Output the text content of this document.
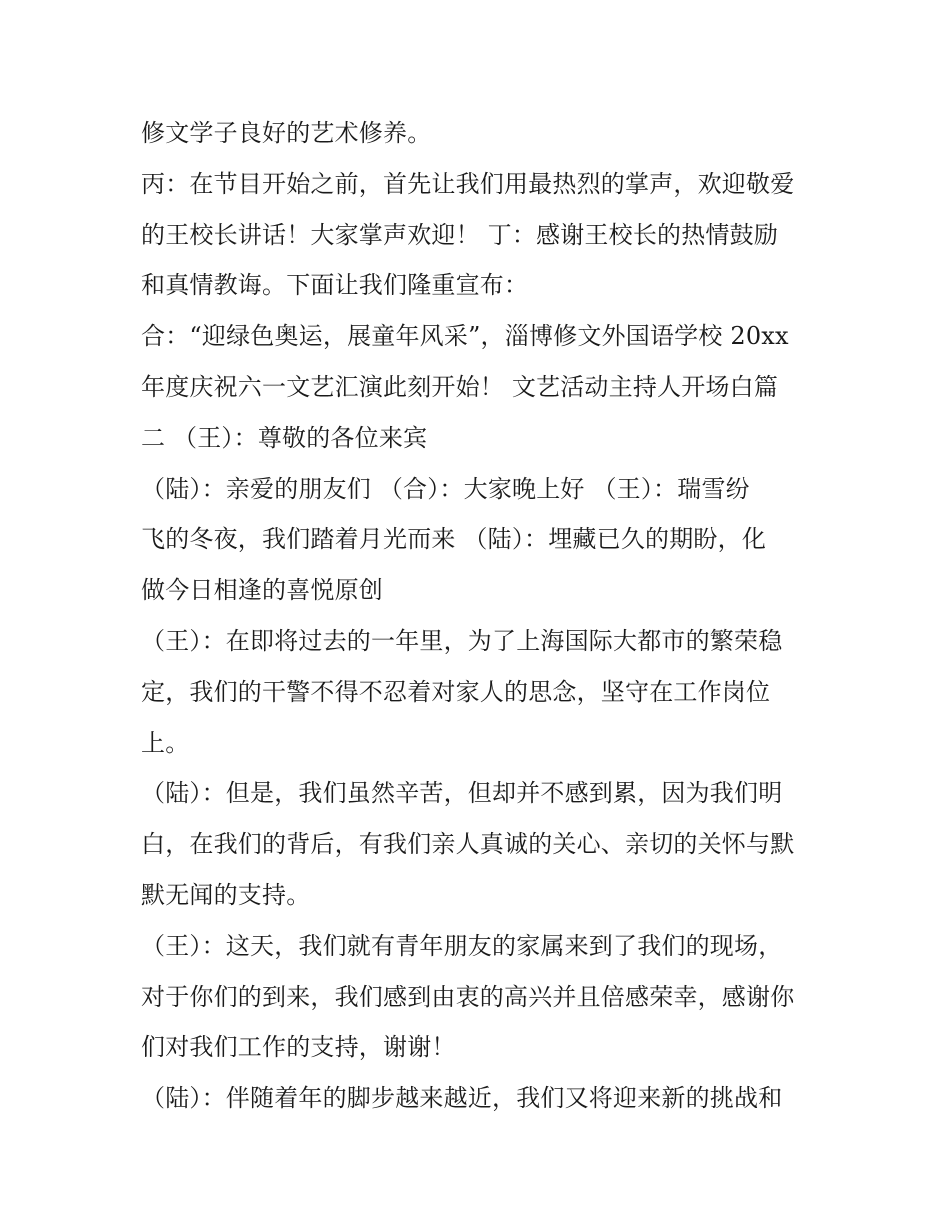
修文学子良好的艺术修养。
丙：在节目开始之前，首先让我们用最热烈的掌声，欢迎敬爱
的王校长讲话！大家掌声欢迎！ 丁：感谢王校长的热情鼓励
和真情教诲。下面让我们隆重宣布：
合：“迎绿色奥运，展童年风采”，淄博修文外国语学校 20xx
年度庆祝六一文艺汇演此刻开始！ 文艺活动主持人开场白篇
二 （王）：尊敬的各位来宾
（陆）：亲爱的朋友们 （合）：大家晚上好 （王）：瑞雪纷
飞的冬夜，我们踏着月光而来 （陆）：埋藏已久的期盼，化
做今日相逢的喜悦原创
（王）：在即将过去的一年里，为了上海国际大都市的繁荣稳
定，我们的干警不得不忍着对家人的思念，坚守在工作岗位
上。
（陆）：但是，我们虽然辛苦，但却并不感到累，因为我们明
白，在我们的背后，有我们亲人真诚的关心、亲切的关怀与默
默无闻的支持。
（王）：这天，我们就有青年朋友的家属来到了我们的现场，
对于你们的到来，我们感到由衷的高兴并且倍感荣幸，感谢你
们对我们工作的支持，谢谢！
（陆）：伴随着年的脚步越来越近，我们又将迎来新的挑战和
